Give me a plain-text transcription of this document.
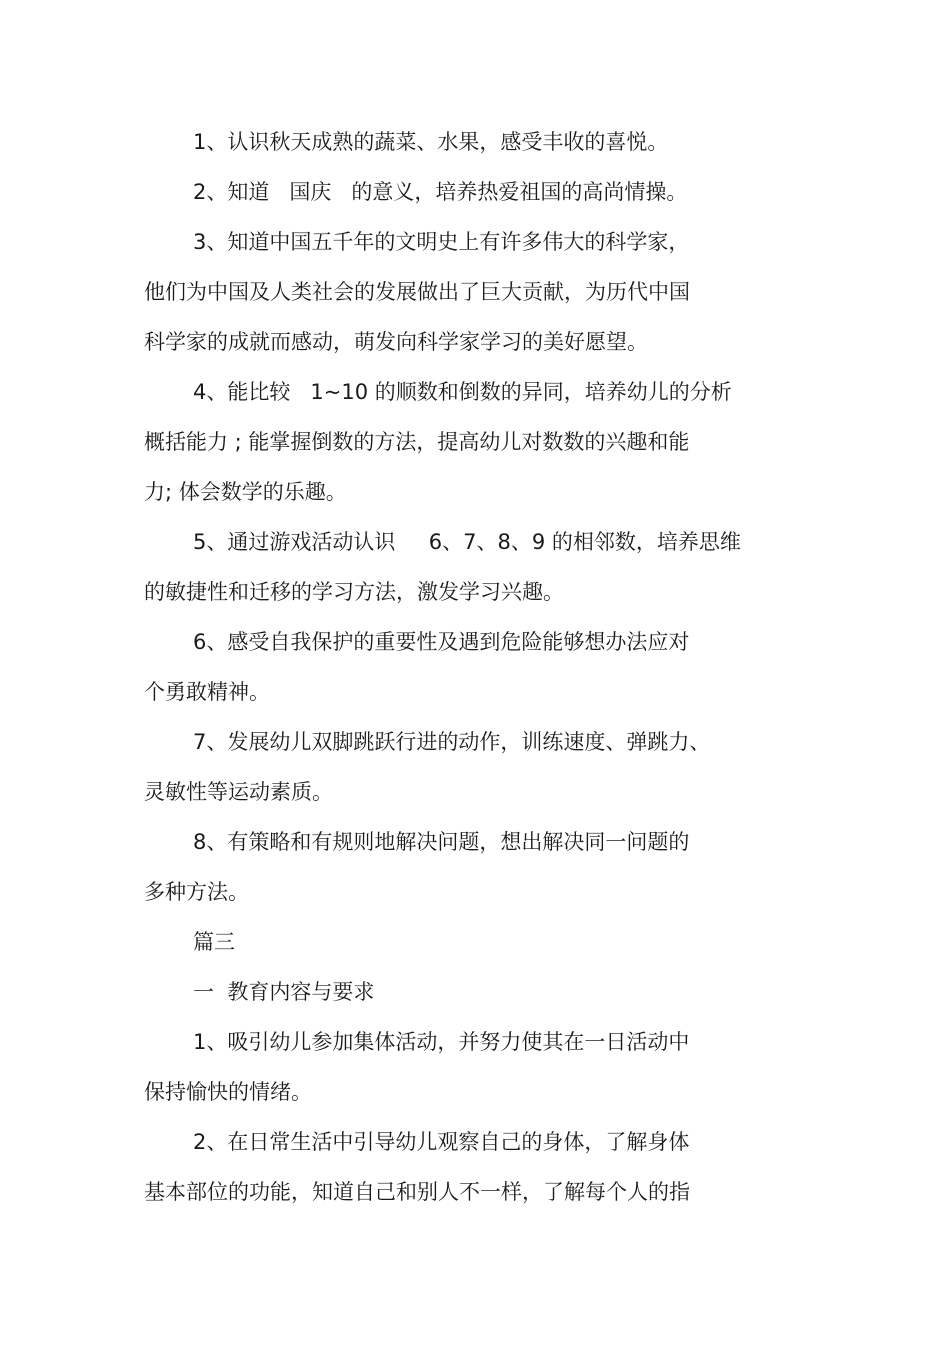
1、认识秋天成熟的蔬菜、水果，感受丰收的喜悦。
2、知道   国庆   的意义，培养热爱祖国的高尚情操。
3、知道中国五千年的文明史上有许多伟大的科学家，
他们为中国及人类社会的发展做出了巨大贡献，为历代中国
科学家的成就而感动，萌发向科学家学习的美好愿望。
4、能比较   1~10 的顺数和倒数的异同，培养幼儿的分析
概括能力 ; 能掌握倒数的方法，提高幼儿对数数的兴趣和能
力; 体会数学的乐趣。
5、通过游戏活动认识     6、7、8、9 的相邻数，培养思维
的敏捷性和迁移的学习方法，激发学习兴趣。
6、感受自我保护的重要性及遇到危险能够想办法应对
个勇敢精神。
7、发展幼儿双脚跳跃行进的动作，训练速度、弹跳力、
灵敏性等运动素质。
8、有策略和有规则地解决问题，想出解决同一问题的
多种方法。
篇三
一  教育内容与要求
1、吸引幼儿参加集体活动，并努力使其在一日活动中
保持愉快的情绪。
2、在日常生活中引导幼儿观察自己的身体，了解身体
基本部位的功能，知道自己和别人不一样，了解每个人的指
